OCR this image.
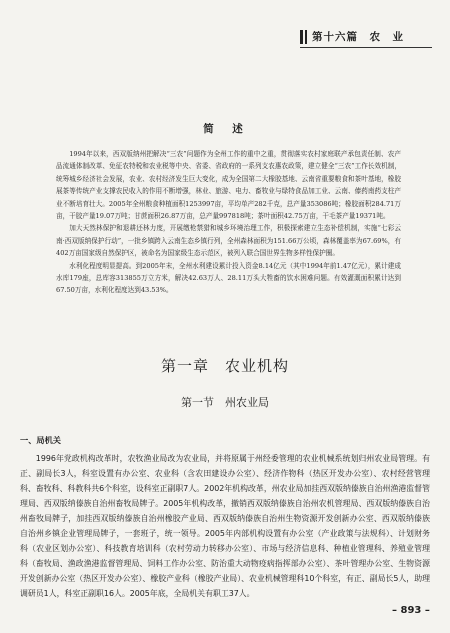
第十六篇　农　业
简　述

1994年以来，西双版纳州把解决“三农”问题作为全州工作的重中之重，贯彻落实农村家庭联产承包责任制、农产品流通体制改革、免征农特税和农业税等中央、省委、省政府的一系列支农惠农政策，建立健全“三农”工作长效机制，统筹城乡经济社会发展，农业、农村经济发生巨大变化，成为全国第二大橡胶基地、云南省重要粮食和茶叶基地，橡胶展茶等传统产业支撑农民收入的作用不断增强，林业、旅游、电力、畜牧业与绿特食品加工业、云南、傣药南药支柱产业不断培育壮大。2005年全州粮食种植面积1253997亩，平均单产282千克，总产量353086吨；橡胶面积284.71万亩，干胶产量19.07万吨；甘蔗面积26.87万亩，总产量997818吨；茶叶面积42.75万亩，干毛茶产量19371吨。

加大天然林保护和退耕还林力度，开展缴枪禁猎和城乡环境治理工作，积极探索建立生态补偿机制，实施“七彩云南·西双版纳保护行动”，一批乡镇跨入云南生态乡镇行列，全州森林面积为151.66万公顷，森林覆盖率为67.69%，有402万亩国家级自然保护区，被命名为国家级生态示范区，被列入联合国世界生物多样性保护圈。

水利化程度明显提高。到2005年末，全州水利建设累计投入资金8.14亿元（其中1994年前1.47亿元），累计建成水库179座，总库容313855万立方米，解决42.63万人、28.11万头大牲畜的饮水困难问题。有效灌溉面积累计达到67.50万亩，水利化程度达到43.53%。

第一章　农业机构
第一节　州农业局
一、局机关

1996年党政机构改革时，农牧渔业局改为农业局，并将原属于州经委管理的农业机械系统划归州农业局管理。有正、副局长3人，科室设置有办公室、农业科（含农田建设办公室）、经济作物科（热区开发办公室）、农村经营管理科、畜牧科、科教科共6个科室，设科室正副职7人。2002年机构改革，州农业局加挂西双版纳傣族自治州渔港监督管理局、西双版纳傣族自治州畜牧局牌子。2005年机构改革，撤销西双版纳傣族自治州农机管理局、西双版纳傣族自治州畜牧局牌子，加挂西双版纳傣族自治州橡胶产业局、西双版纳傣族自治州生物资源开发创新办公室、西双版纳傣族自治州乡镇企业管理局牌子，一套班子，统一领导。2005年内部机构设置有办公室（产业政策与法规科）、计划财务科（农业区划办公室）、科技教育培训科（农村劳动力转移办公室）、市场与经济信息科、种植业管理科、养殖业管理科（畜牧局、渔政渔港监督管理局、饲料工作办公室、防治重大动物疫病指挥部办公室）、茶叶管理办公室、生物资源开发创新办公室（热区开发办公室）、橡胶产业科（橡胶产业局）、农业机械管理科10个科室，有正、副局长5人，助理调研员1人，科室正副职16人。2005年底，全局机关有职工37人。

– 893 –
